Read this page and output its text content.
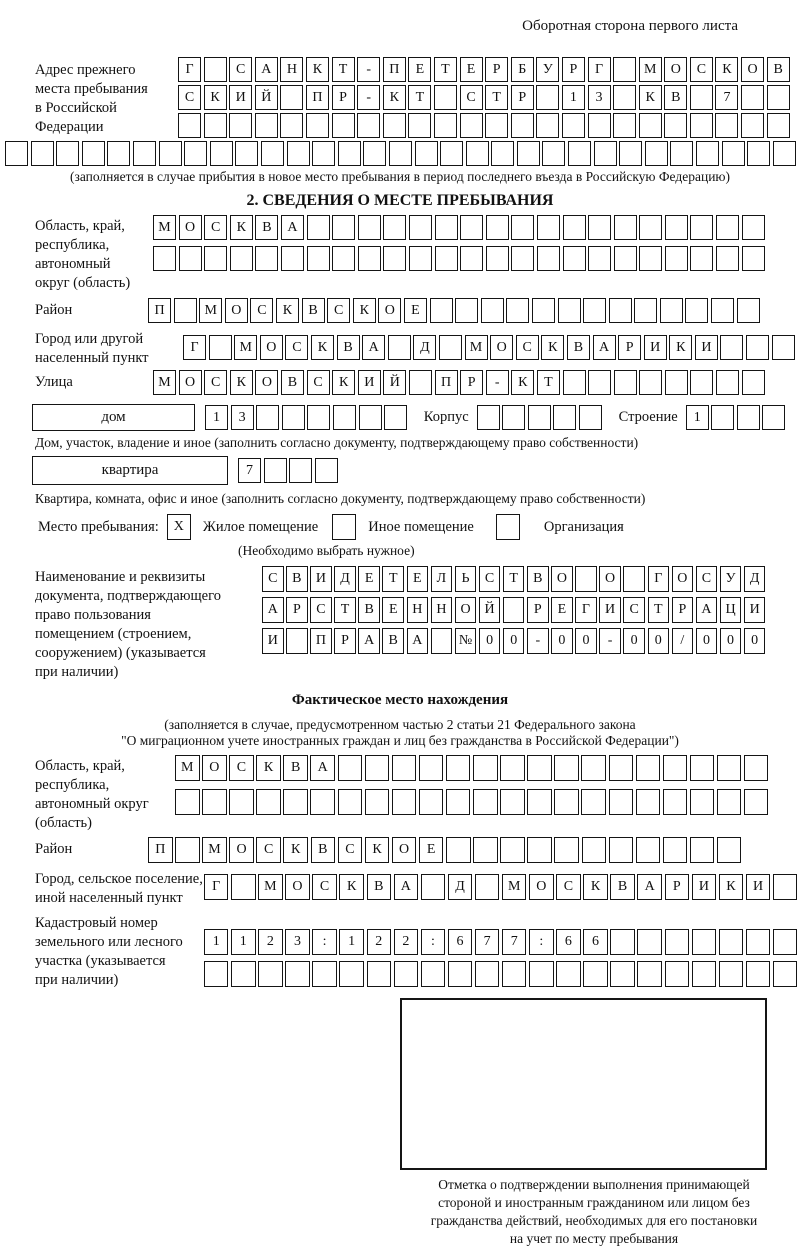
Оборотная сторона первого листа
Адрес прежнего
места пребывания
в Российской
Федерации
Г	С	А	Н	К	Т	-	П	Е	Т	Е	Р	Б	У	Р	Г	М	О	С	К	О	В
С	К	И	Й	П	Р	-	К	Т	С	Т	Р	1	3	К	В	7
(заполняется в случае прибытия в новое место пребывания в период последнего въезда в Российскую Федерацию)
2. СВЕДЕНИЯ О МЕСТЕ ПРЕБЫВАНИЯ
Область, край,
республика,
автономный
округ (область)
М	О	С	К	В	А
Район	П	М	О	С	К	В	С	К	О	Е
Город или другой
населенный пункт
Г	М	О	С	К	В	А	Д	М	О	С	К	В	А	Р	И	К	И
Улица	М	О	С	К	О	В	С	К	И	Й	П	Р	-	К	Т
дом	1	3	Корпус	Строение	1
Дом, участок, владение и иное (заполнить согласно документу, подтверждающему право собственности)
квартира	7
Квартира, комната, офис и иное (заполнить согласно документу, подтверждающему право собственности)
Место пребывания:	X	Жилое помещение	Иное помещение	Организация
(Необходимо выбрать нужное)
Наименование и реквизиты
документа, подтверждающего
право пользования
помещением (строением,
сооружением) (указывается
при наличии)
С	В	И	Д	Е	Т	Е	Л	Ь	С	Т	В	О	О	Г	О	С	У	Д
А	Р	С	Т	В	Е	Н Н О Й	Р	Е	Г	И	С	Т	Р	А Ц И
И	П	Р	А	В	А	№ 0	0	-	0	0	-	0	0	/	0	0	0
Фактическое место нахождения
(заполняется в случае, предусмотренном частью 2 статьи 21 Федерального закона
"О миграционном учете иностранных граждан и лиц без гражданства в Российской Федерации")
Область, край,
республика,
автономный округ
(область)
М	О	С	К	В	А
Район	П	М	О	С	К	В	С	К	О	Е
Город, сельское поселение,
иной населенный пункт
Г	М	О	С	К	В	А	Д	М	О	С	К	В	А	Р	И	К	И
Кадастровый номер
земельного или лесного
участка (указывается
при наличии)
1	1	2	3	:	1	2	2	:	6	7	7	:	6	6
Отметка о подтверждении выполнения принимающей
стороной и иностранным гражданином или лицом без
гражданства действий, необходимых для его постановки
на учет по месту пребывания
